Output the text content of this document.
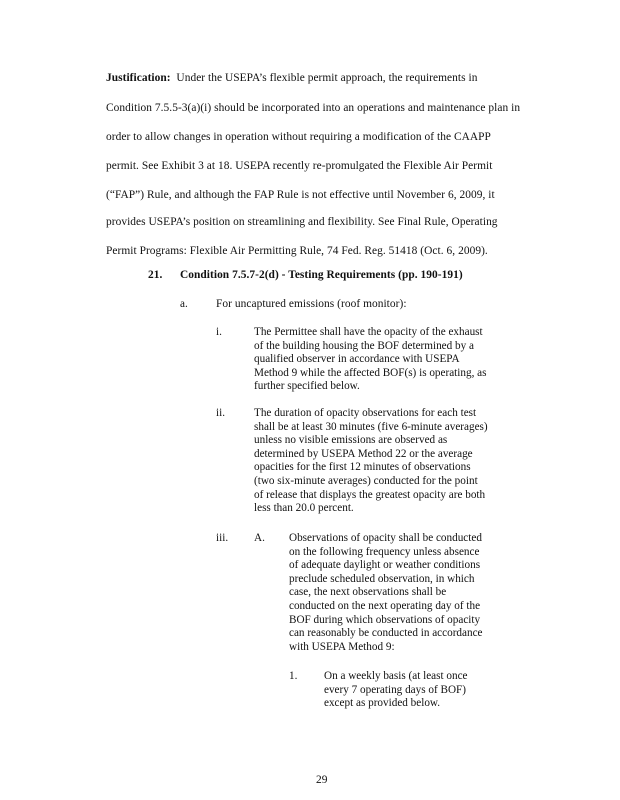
Justification: Under the USEPA’s flexible permit approach, the requirements in
Condition 7.5.5-3(a)(i) should be incorporated into an operations and maintenance plan in
order to allow changes in operation without requiring a modification of the CAAPP
permit. See Exhibit 3 at 18. USEPA recently re-promulgated the Flexible Air Permit
(“FAP”) Rule, and although the FAP Rule is not effective until November 6, 2009, it
provides USEPA’s position on streamlining and flexibility. See Final Rule, Operating
Permit Programs: Flexible Air Permitting Rule, 74 Fed. Reg. 51418 (Oct. 6, 2009).
21. Condition 7.5.7-2(d) - Testing Requirements (pp. 190-191)
a. For uncaptured emissions (roof monitor):
i.	The Permittee shall have the opacity of the exhaust
of the building housing the BOF determined by a
qualified observer in accordance with USEPA
Method 9 while the affected BOF(s) is operating, as
further specified below.
ii.	The duration of opacity observations for each test
shall be at least 30 minutes (five 6-minute averages)
unless no visible emissions are observed as
determined by USEPA Method 22 or the average
opacities for the first 12 minutes of observations
(two six-minute averages) conducted for the point
of release that displays the greatest opacity are both
less than 20.0 percent.
iii. A. Observations of opacity shall be conducted
on the following frequency unless absence
of adequate daylight or weather conditions
preclude scheduled observation, in which
case, the next observations shall be
conducted on the next operating day of the
BOF during which observations of opacity
can reasonably be conducted in accordance
with USEPA Method 9:
1. On a weekly basis (at least once
every 7 operating days of BOF)
except as provided below.
29
